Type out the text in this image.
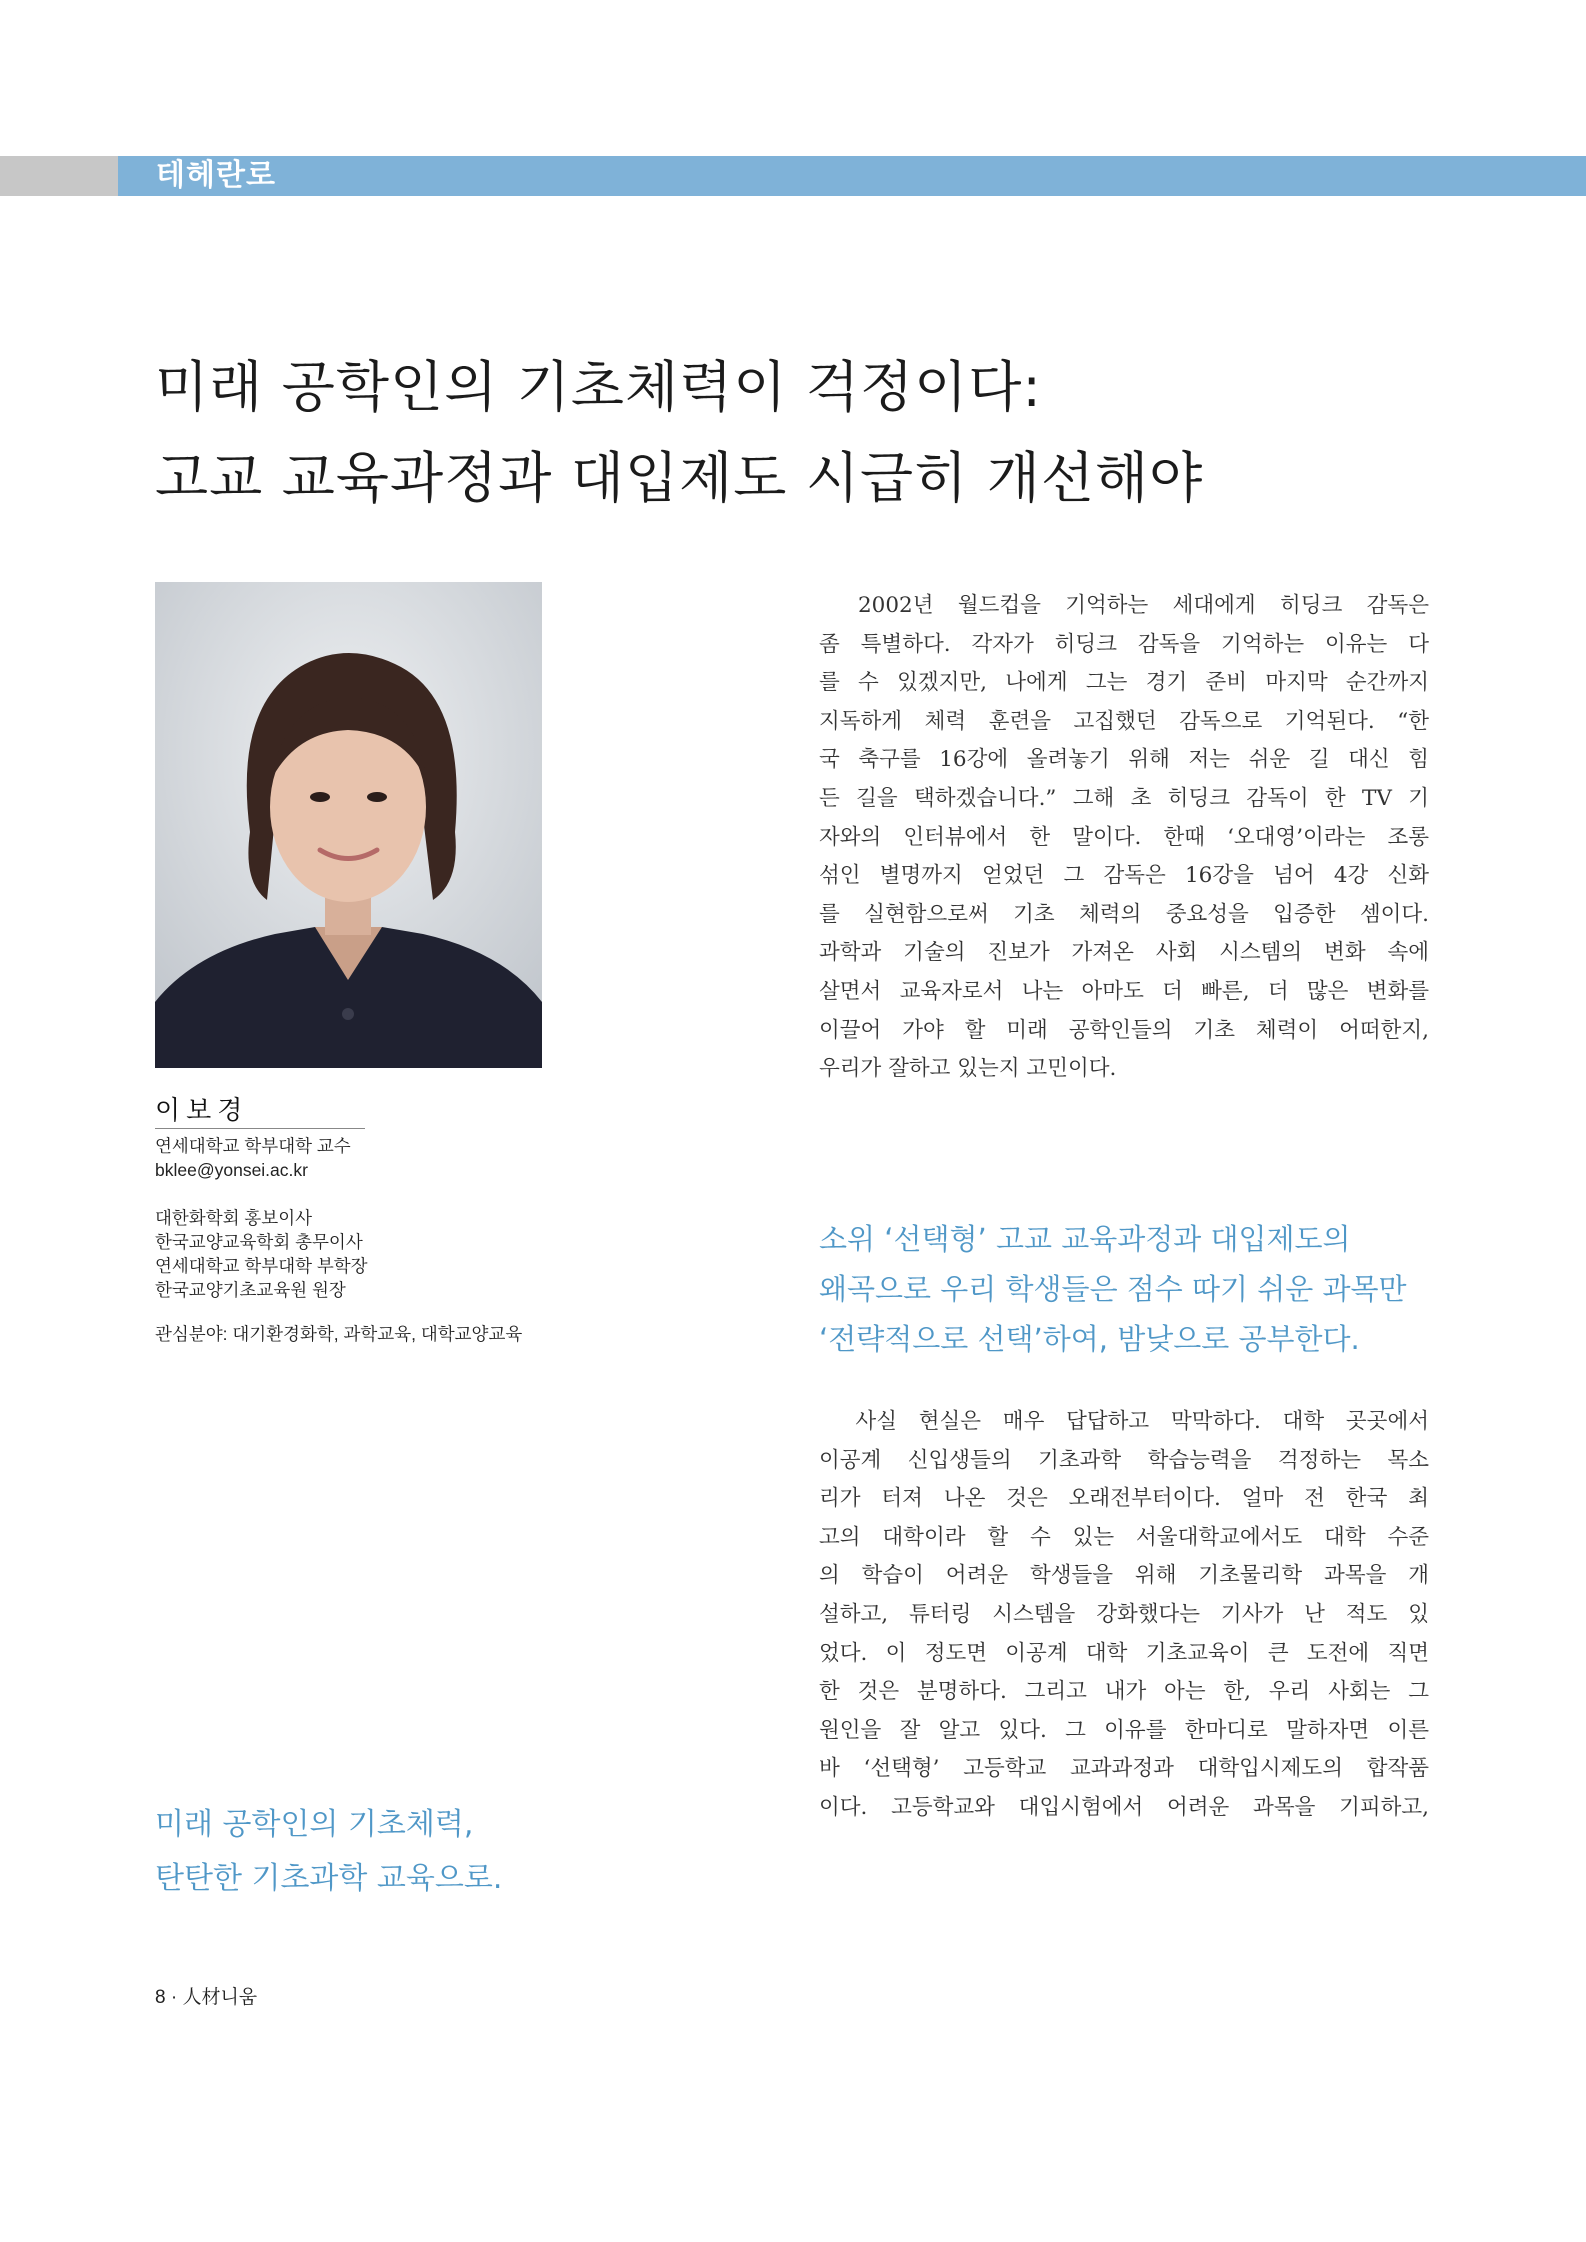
테헤란로
미래 공학인의 기초체력이 걱정이다:
고교 교육과정과 대입제도 시급히 개선해야
이보경
연세대학교 학부대학 교수
bklee@yonsei.ac.kr
대한화학회 홍보이사
한국교양교육학회 총무이사
연세대학교 학부대학 부학장
한국교양기초교육원 원장
관심분야: 대기환경화학, 과학교육, 대학교양교육
미래 공학인의 기초체력,
탄탄한 기초과학 교육으로.
　2002년 월드컵을 기억하는 세대에게 히딩크 감독은
좀 특별하다. 각자가 히딩크 감독을 기억하는 이유는 다
를 수 있겠지만, 나에게 그는 경기 준비 마지막 순간까지
지독하게 체력 훈련을 고집했던 감독으로 기억된다. “한
국 축구를 16강에 올려놓기 위해 저는 쉬운 길 대신 힘
든 길을 택하겠습니다.” 그해 초 히딩크 감독이 한 TV 기
자와의 인터뷰에서 한 말이다. 한때 ‘오대영’이라는 조롱
섞인 별명까지 얻었던 그 감독은 16강을 넘어 4강 신화
를 실현함으로써 기초 체력의 중요성을 입증한 셈이다.
과학과 기술의 진보가 가져온 사회 시스템의 변화 속에
살면서 교육자로서 나는 아마도 더 빠른, 더 많은 변화를
이끌어 가야 할 미래 공학인들의 기초 체력이 어떠한지,
우리가 잘하고 있는지 고민이다.
소위 ‘선택형’ 고교 교육과정과 대입제도의
왜곡으로 우리 학생들은 점수 따기 쉬운 과목만
‘전략적으로 선택’하여, 밤낮으로 공부한다.
　사실 현실은 매우 답답하고 막막하다. 대학 곳곳에서
이공계 신입생들의 기초과학 학습능력을 걱정하는 목소
리가 터져 나온 것은 오래전부터이다. 얼마 전 한국 최
고의 대학이라 할 수 있는 서울대학교에서도 대학 수준
의 학습이 어려운 학생들을 위해 기초물리학 과목을 개
설하고, 튜터링 시스템을 강화했다는 기사가 난 적도 있
었다. 이 정도면 이공계 대학 기초교육이 큰 도전에 직면
한 것은 분명하다. 그리고 내가 아는 한, 우리 사회는 그
원인을 잘 알고 있다. 그 이유를 한마디로 말하자면 이른
바 ‘선택형’ 고등학교 교과과정과 대학입시제도의 합작품
이다. 고등학교와 대입시험에서 어려운 과목을 기피하고,
8 · 人材니움
